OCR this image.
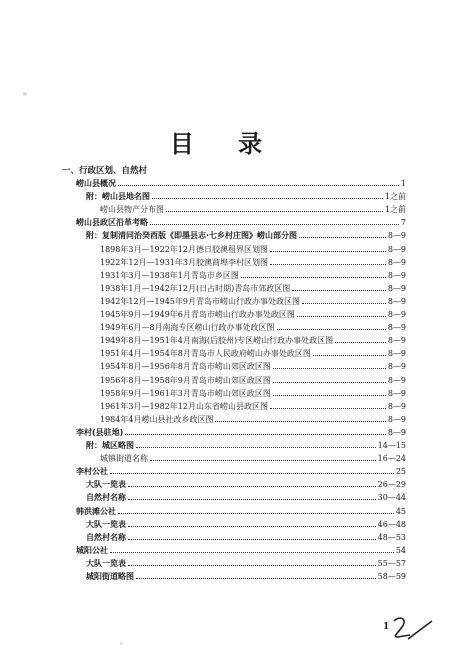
目 录
一、行政区划、自然村
崂山县概况	1
附：崂山县地名图	1之前
崂山县物产分布图	1之前
崂山县政区沿革考略	7
附：复制清同治癸酉版《即墨县志·七乡村庄图》崂山部分图	8—9
1898年3月—1922年12月德日胶澳租界区划图	8—9
1922年12月—1931年3月胶澳商埠李村区划图	8—9
1931年3月—1938年1月青岛市乡区图	8—9
1938年1月—1942年12月(日占时期)青岛市郊政区图	8—9
1942年12月—1945年9月青岛市崂山行政办事处政区图	8—9
1945年9月—1949年6月青岛市崂山行政办事处政区图	8—9
1949年6月—8月南海专区崂山行政办事处政区图	8—9
1949年8月—1951年4月南海(后胶州)专区崂山行政办事处政区图	8—9
1951年4月—1954年8月青岛市人民政府崂山办事处政区图	8—9
1954年8月—1956年8月青岛市崂山郊区政区图	8—9
1956年8月—1958年9月青岛市崂山郊区政区图	8—9
1958年9月—1961年3月青岛市崂山郊区政区图	8—9
1961年3月—1982年12月山东省崂山县政区图	8—9
1984年4月崂山县社改乡政区图	8—9
李村(县驻地)	8—9
附：城区略图	14—15
城镇街道名称	16—24
李村公社	25
大队一览表	26—29
自然村名称	30—44
韩洪滩公社	45
大队一览表	46—48
自然村名称	48—53
城阳公社	54
大队一览表	55—57
城阳街道略图	58—59
1
